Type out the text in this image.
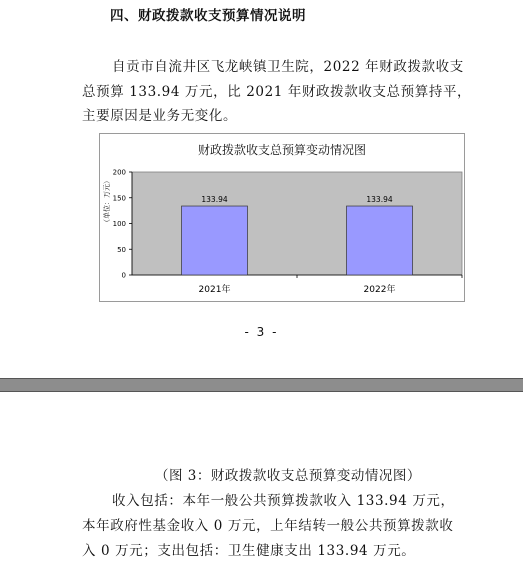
四、财政拨款收支预算情况说明
自贡市自流井区飞龙峡镇卫生院，2022 年财政拨款收支
总预算 133.94 万元，比 2021 年财政拨款收支总预算持平，
主要原因是业务无变化。
财政拨款收支总预算变动情况图
（单位：万元）
0
50
100
150
200
133.94
2021年
133.94
2022年
- 3 -
（图 3：财政拨款收支总预算变动情况图）
收入包括：本年一般公共预算拨款收入 133.94 万元，
本年政府性基金收入 0 万元，上年结转一般公共预算拨款收
入 0 万元；支出包括：卫生健康支出 133.94 万元。
